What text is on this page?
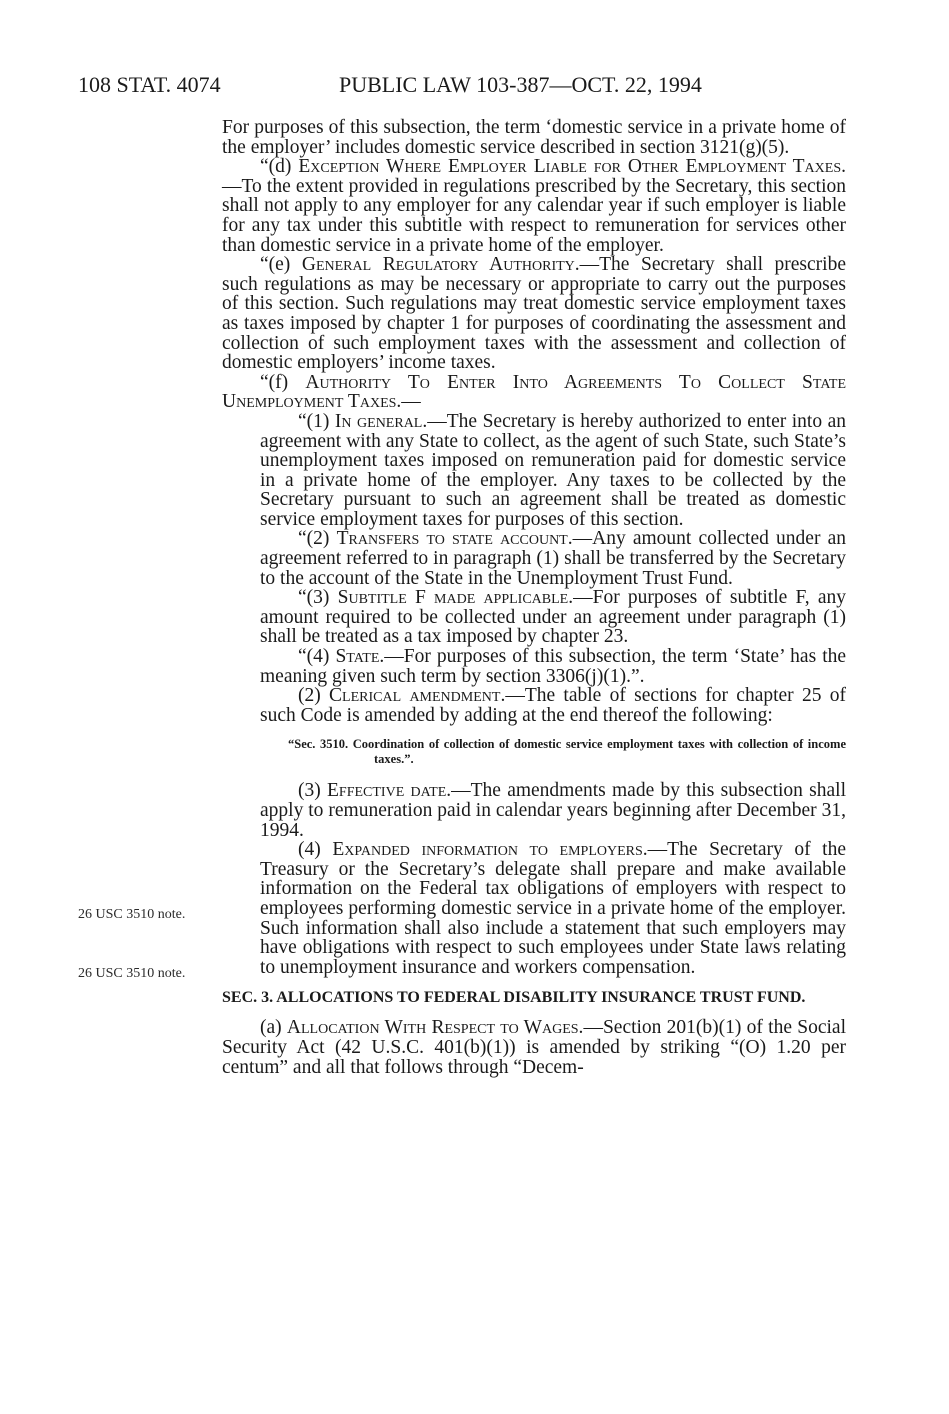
108 STAT. 4074	PUBLIC LAW 103-387—OCT. 22, 1994
26 USC 3510 note.
26 USC 3510 note.

For purposes of this subsection, the term ‘domestic service in a private home of the employer’ includes domestic service described in section 3121(g)(5).

“(d) Exception Where Employer Liable for Other Employment Taxes.—To the extent provided in regulations prescribed by the Secretary, this section shall not apply to any employer for any calendar year if such employer is liable for any tax under this subtitle with respect to remuneration for services other than domestic service in a private home of the employer.

“(e) General Regulatory Authority.—The Secretary shall prescribe such regulations as may be necessary or appropriate to carry out the purposes of this section. Such regulations may treat domestic service employment taxes as taxes imposed by chapter 1 for purposes of coordinating the assessment and collection of such employment taxes with the assessment and collection of domestic employers’ income taxes.

“(f) Authority To Enter Into Agreements To Collect State Unemployment Taxes.—

“(1) In general.—The Secretary is hereby authorized to enter into an agreement with any State to collect, as the agent of such State, such State’s unemployment taxes imposed on remuneration paid for domestic service in a private home of the employer. Any taxes to be collected by the Secretary pursuant to such an agreement shall be treated as domestic service employment taxes for purposes of this section.

“(2) Transfers to state account.—Any amount collected under an agreement referred to in paragraph (1) shall be transferred by the Secretary to the account of the State in the Unemployment Trust Fund.

“(3) Subtitle F made applicable.—For purposes of subtitle F, any amount required to be collected under an agreement under paragraph (1) shall be treated as a tax imposed by chapter 23.

“(4) State.—For purposes of this subsection, the term ‘State’ has the meaning given such term by section 3306(j)(1).”.

(2) Clerical amendment.—The table of sections for chapter 25 of such Code is amended by adding at the end thereof the following:

“Sec. 3510. Coordination of collection of domestic service employment taxes with collection of income taxes.”.

(3) Effective date.—The amendments made by this subsection shall apply to remuneration paid in calendar years beginning after December 31, 1994.

(4) Expanded information to employers.—The Secretary of the Treasury or the Secretary’s delegate shall prepare and make available information on the Federal tax obligations of employers with respect to employees performing domestic service in a private home of the employer. Such information shall also include a statement that such employers may have obligations with respect to such employees under State laws relating to unemployment insurance and workers compensation.

SEC. 3. ALLOCATIONS TO FEDERAL DISABILITY INSURANCE TRUST FUND.

(a) Allocation With Respect to Wages.—Section 201(b)(1) of the Social Security Act (42 U.S.C. 401(b)(1)) is amended by striking “(O) 1.20 per centum” and all that follows through “Decem-
